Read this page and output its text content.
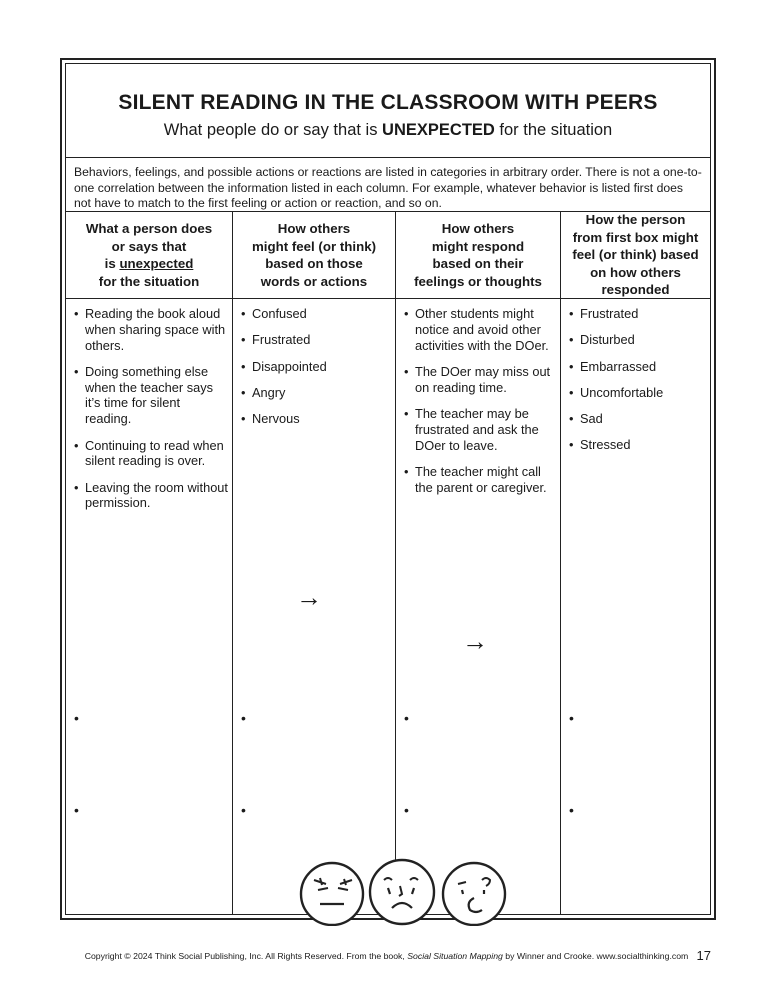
SILENT READING IN THE CLASSROOM WITH PEERS
What people do or say that is UNEXPECTED for the situation
Behaviors, feelings, and possible actions or reactions are listed in categories in arbitrary order. There is not a one-to-one correlation between the information listed in each column. For example, whatever behavior is listed first does not have to match to the first feeling or action or reaction, and so on.
What a person does
or says that
is unexpected
for the situation
• Reading the book aloud when sharing space with others.
• Doing something else when the teacher says it’s time for silent reading.
• Continuing to read when silent reading is over.
• Leaving the room without permission.
•
•
How others
might feel (or think)
based on those
words or actions
• Confused
• Frustrated
• Disappointed
• Angry
• Nervous
→
•
•
How others
might respond
based on their
feelings or thoughts
• Other students might notice and avoid other activities with the DOer.
• The DOer may miss out on reading time.
• The teacher may be frustrated and ask the DOer to leave.
• The teacher might call the parent or caregiver.
→
•
•
How the person
from first box might
feel (or think) based
on how others
responded
• Frustrated
• Disturbed
• Embarrassed
• Uncomfortable
• Sad
• Stressed
•
•
Copyright © 2024 Think Social Publishing, Inc. All Rights Reserved. From the book, Social Situation Mapping by Winner and Crooke. www.socialthinking.com 17
